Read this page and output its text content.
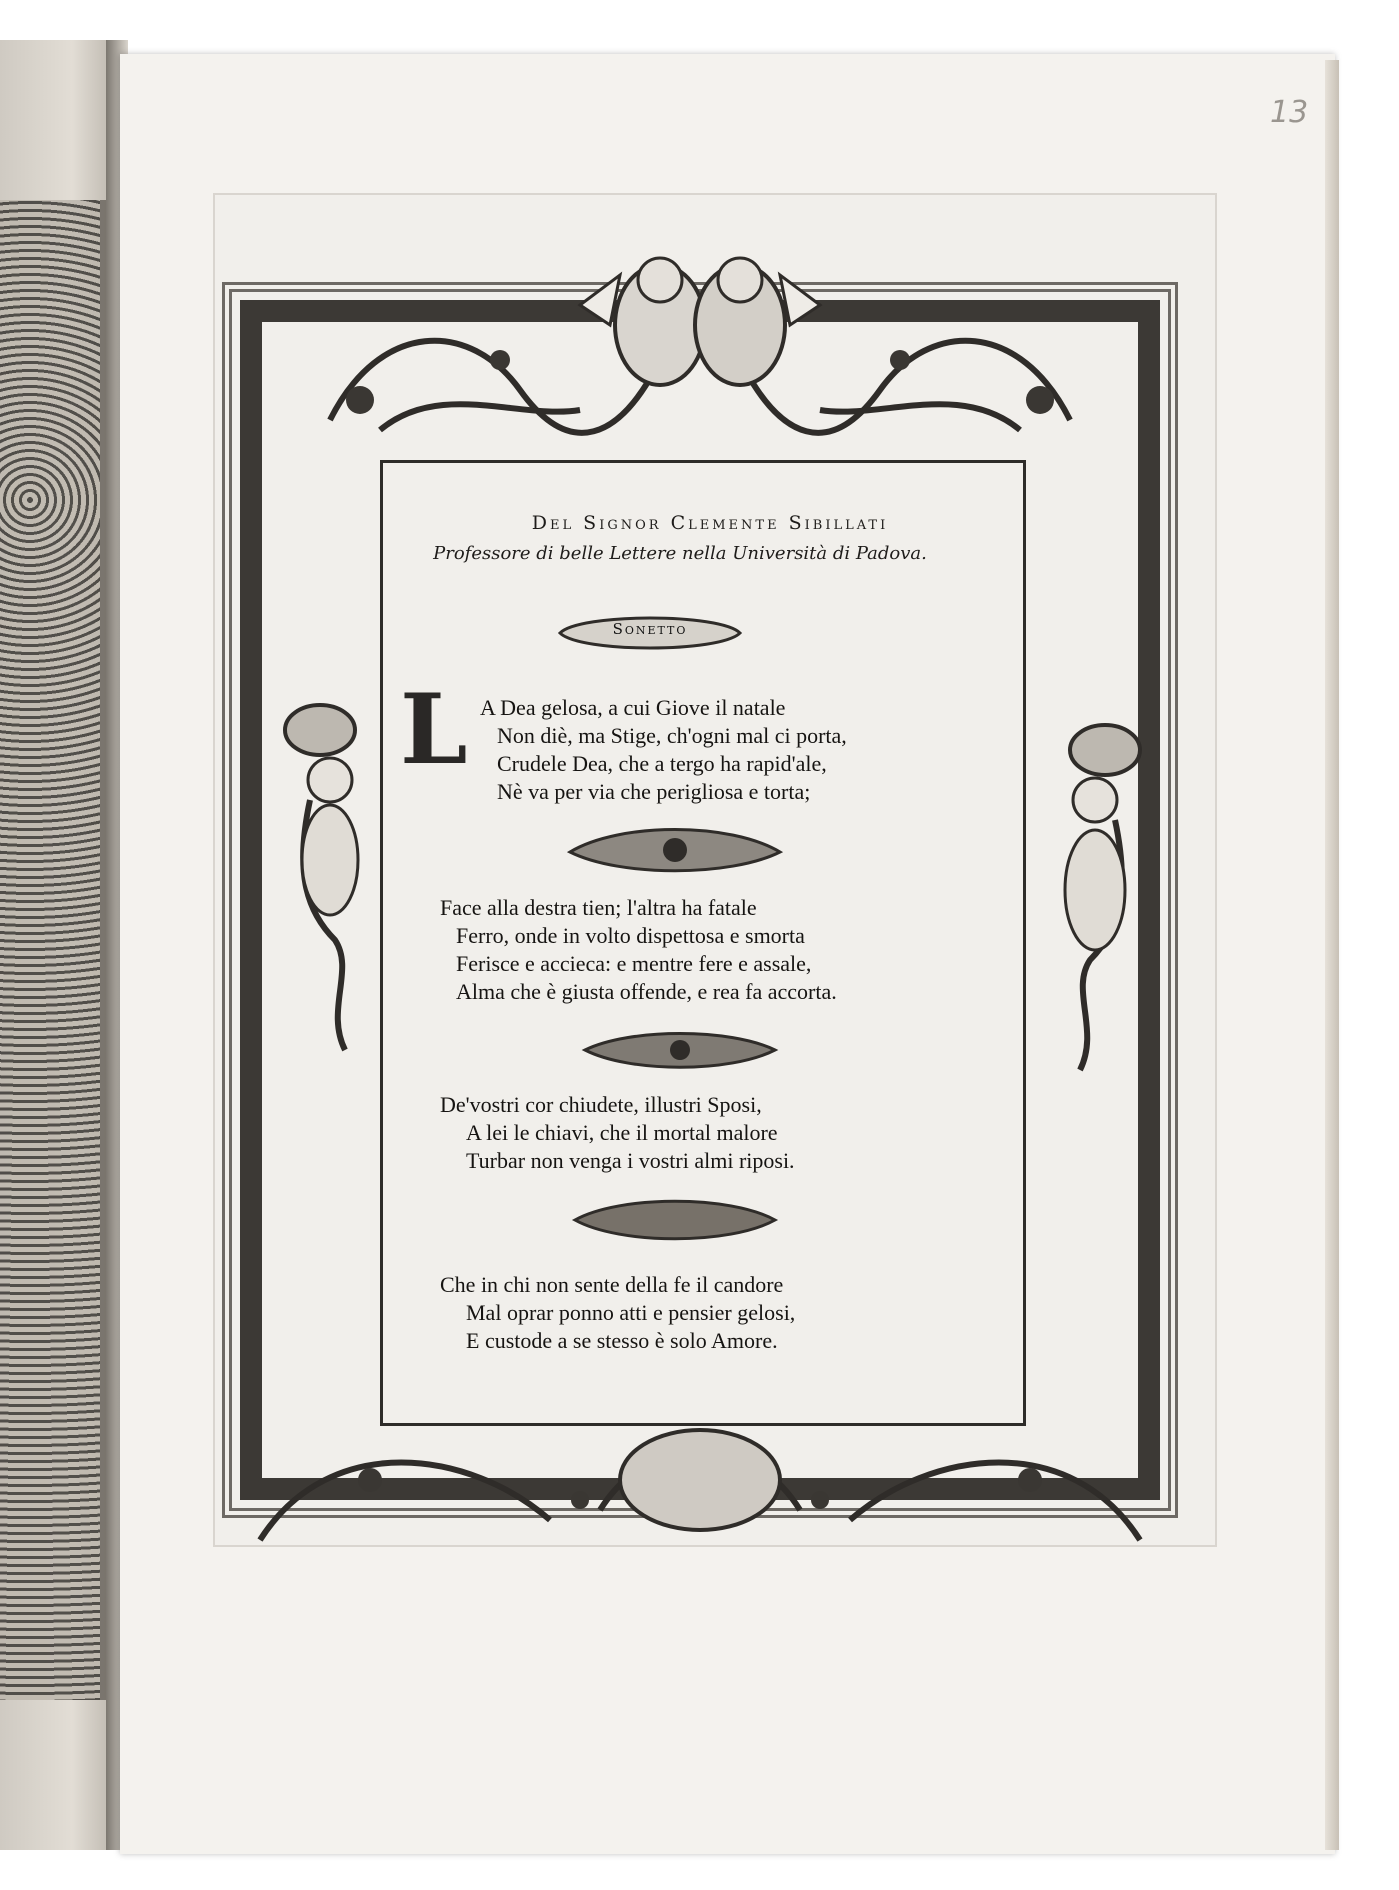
13
Del Signor Clemente Sibillati
Professore di belle Lettere nella Università di Padova.
Sonetto
L A Dea gelosa, a cui Giove il natale
Non diè, ma Stige, ch'ogni mal ci porta,
Crudele Dea, che a tergo ha rapid'ale,
Nè va per via che perigliosa e torta;
Face alla destra tien; l'altra ha fatale
Ferro, onde in volto dispettosa e smorta
Ferisce e accieca: e mentre fere e assale,
Alma che è giusta offende, e rea fa accorta.
De'vostri cor chiudete, illustri Sposi,
A lei le chiavi, che il mortal malore
Turbar non venga i vostri almi riposi.
Che in chi non sente della fe il candore
Mal oprar ponno atti e pensier gelosi,
E custode a se stesso è solo Amore.
